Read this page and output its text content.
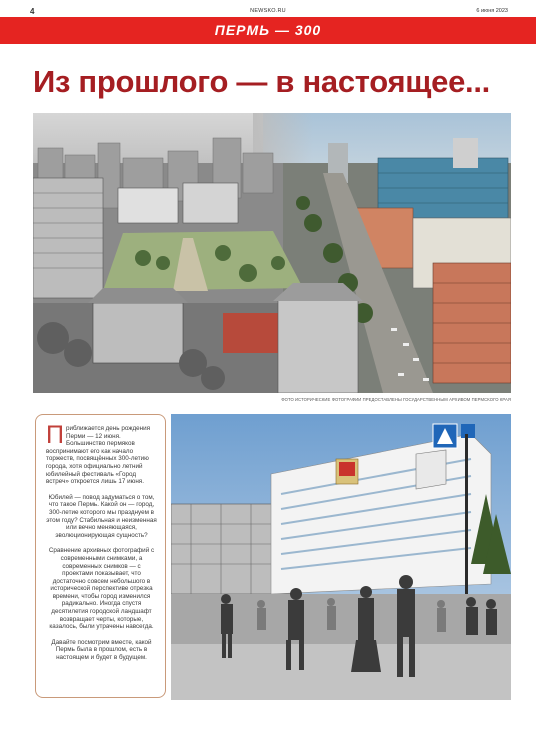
4	NEWSKO.RU	6 июня 2023
ПЕРМЬ — 300
Из прошлого — в настоящее...
ФОТО ИСТОРИЧЕСКИЕ ФОТОГРАФИИ ПРЕДОСТАВЛЕНЫ ГОСУДАРСТВЕННЫМ АРХИВОМ ПЕРМСКОГО КРАЯ

Приближается день рождения Перми — 12 июня. Большинство пермяков воспринимают его как начало торжеств, посвящённых 300-летию города, хотя официально летний юбилейный фестиваль «Город встреч» откроется лишь 17 июня.

Юбилей — повод задуматься о том, что такое Пермь. Какой он — город, 300-летие которого мы празднуем в этом году? Стабильная и неизменная или вечно меняющаяся, эволюционирующая сущность?

Сравнение архивных фотографий с современными снимками, а современных снимков — с проектами показывает, что достаточно совсем небольшого в исторической перспективе отрезка времени, чтобы город изменился радикально. Иногда спустя десятилетия городской ландшафт возвращает черты, которые, казалось, были утрачены навсегда.

Давайте посмотрим вместе, какой Пермь была в прошлом, есть в настоящем и будет в будущем.
